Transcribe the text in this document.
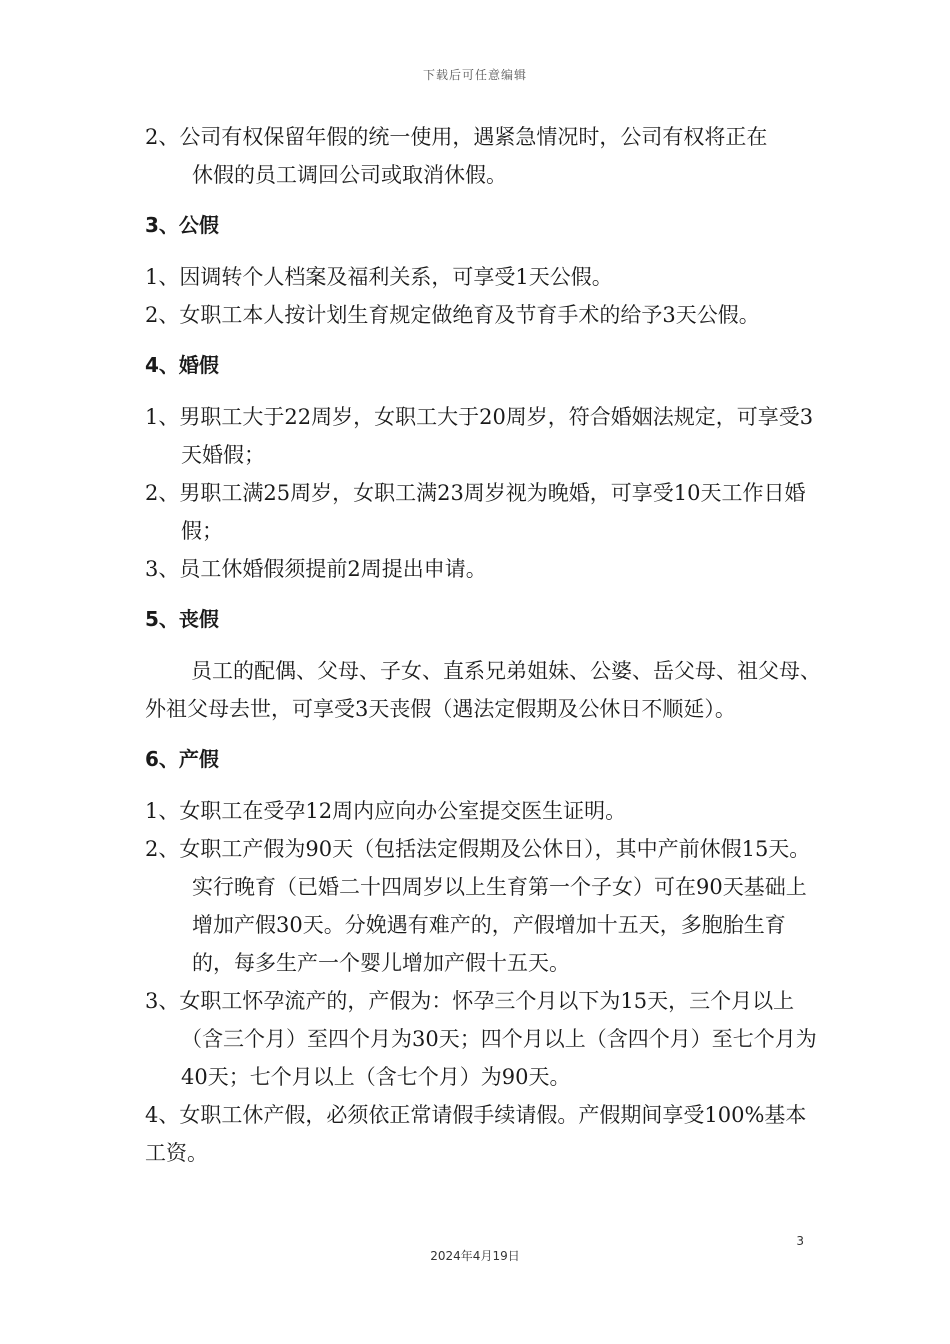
下载后可任意编辑

2、公司有权保留年假的统一使用，遇紧急情况时，公司有权将正在
休假的员工调回公司或取消休假。

3、公假

1、因调转个人档案及福利关系，可享受1天公假。

2、女职工本人按计划生育规定做绝育及节育手术的给予3天公假。

4、婚假

1、男职工大于22周岁，女职工大于20周岁，符合婚姻法规定，可享受3天婚假；

2、男职工满25周岁，女职工满23周岁视为晚婚，可享受10天工作日婚假；

3、员工休婚假须提前2周提出申请。

5、丧假

员工的配偶、父母、子女、直系兄弟姐妹、公婆、岳父母、祖父母、外祖父母去世，可享受3天丧假（遇法定假期及公休日不顺延）。

6、产假

1、女职工在受孕12周内应向办公室提交医生证明。

2、女职工产假为90天（包括法定假期及公休日），其中产前休假15天。实行晚育（已婚二十四周岁以上生育第一个子女）可在90天基础上增加产假30天。分娩遇有难产的，产假增加十五天，多胞胎生育的，每多生产一个婴儿增加产假十五天。

3、女职工怀孕流产的，产假为：怀孕三个月以下为15天，三个月以上（含三个月）至四个月为30天；四个月以上（含四个月）至七个月为40天；七个月以上（含七个月）为90天。

4、女职工休产假，必须依正常请假手续请假。产假期间享受100%基本工资。

3
2024年4月19日
